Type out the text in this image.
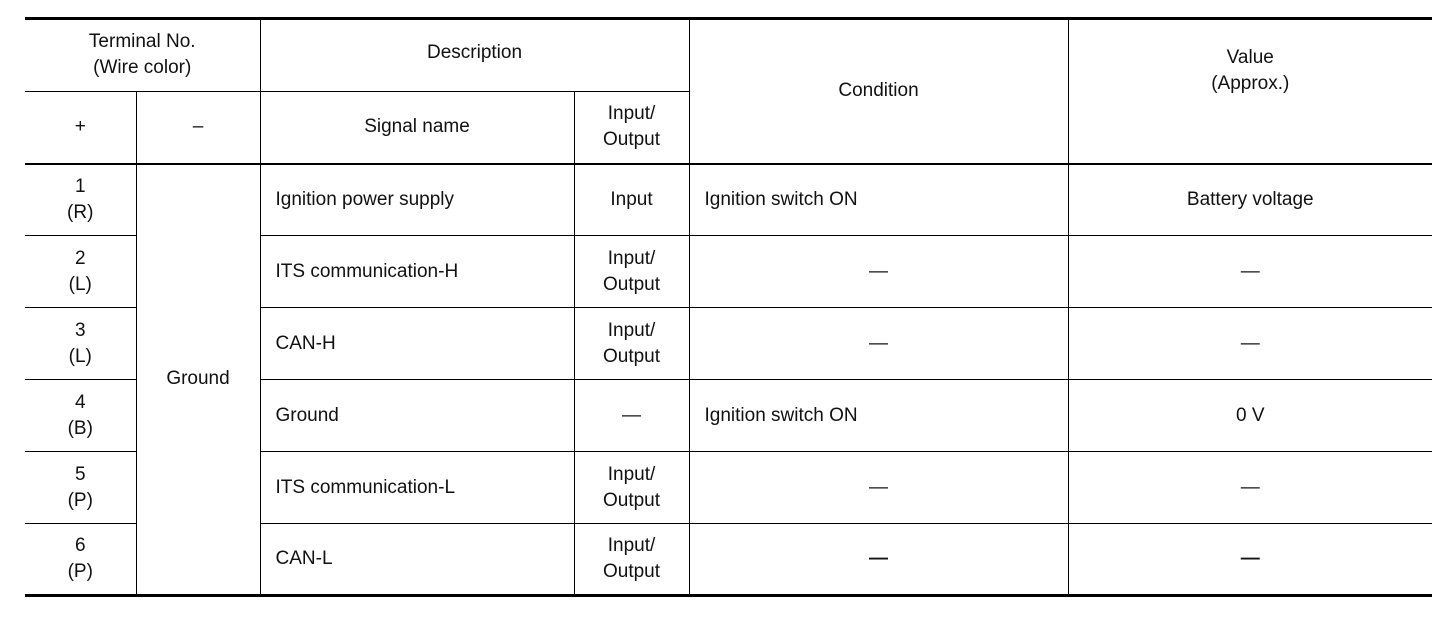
Terminal No.
(Wire color)		Description		Condition	Value
(Approx.)

+	–	Signal name	Input/
Output		

1
(R)	Ground	Ignition power supply	Input	Ignition switch ON	Battery voltage

2
(L)		ITS communication-H	Input/
Output	—	—

3
(L)		CAN-H	Input/
Output	—	—

4
(B)		Ground	—	Ignition switch ON	0 V

5
(P)		ITS communication-L	Input/
Output	—	—

6
(P)		CAN-L	Input/
Output	—	—
